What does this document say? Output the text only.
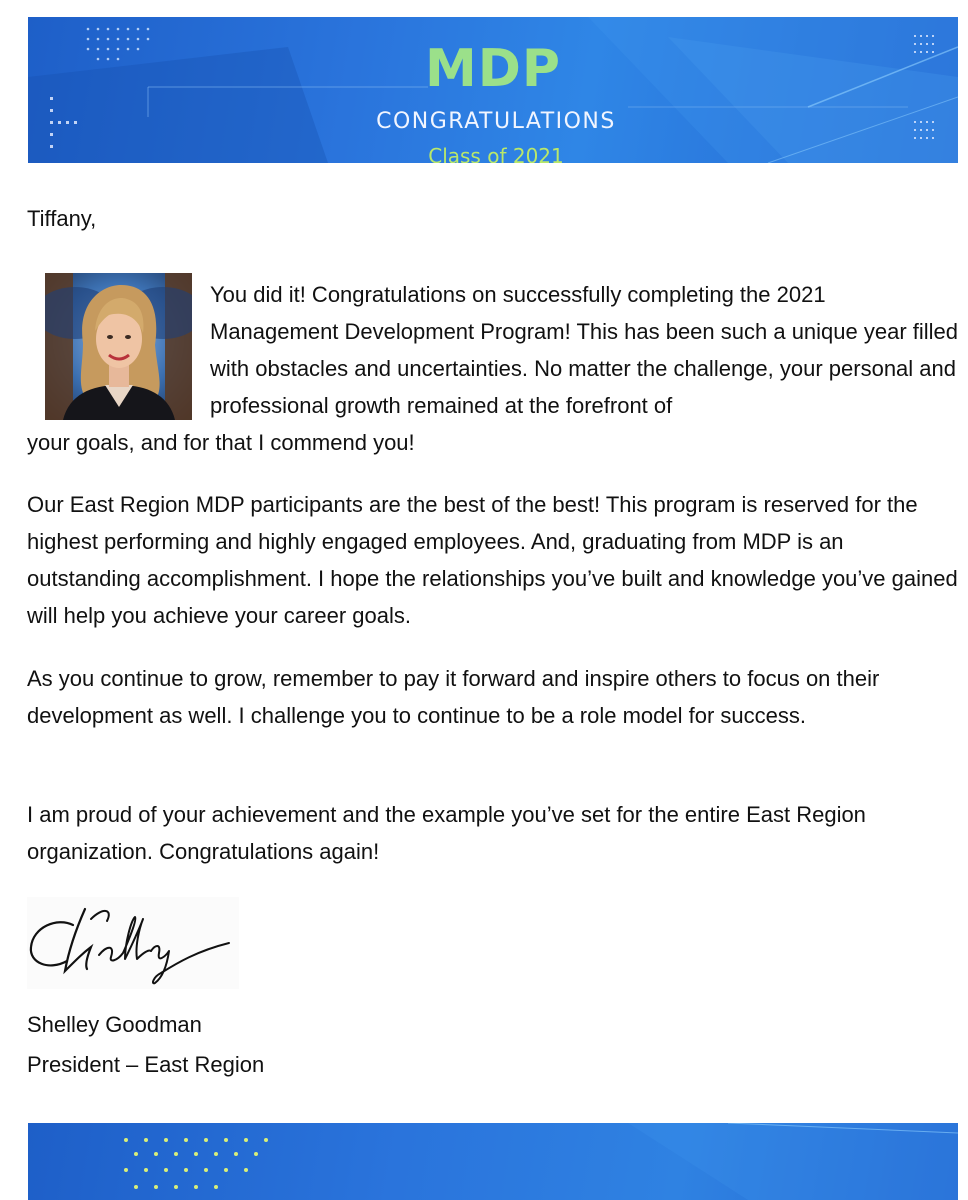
MDP
CONGRATULATIONS
Class of 2021

Tiffany,

You did it! Congratulations on successfully completing the 2021 Management Development Program! This has been such a unique year filled with obstacles and uncertainties. No matter the challenge, your personal and professional growth remained at the forefront of

your goals, and for that I commend you!

Our East Region MDP participants are the best of the best! This program is reserved for the highest performing and highly engaged employees. And, graduating from MDP is an outstanding accomplishment. I hope the relationships you’ve built and knowledge you’ve gained will help you achieve your career goals.

As you continue to grow, remember to pay it forward and inspire others to focus on their development as well. I challenge you to continue to be a role model for success.

I am proud of your achievement and the example you’ve set for the entire East Region organization. Congratulations again!

Shelley Goodman

President – East Region
